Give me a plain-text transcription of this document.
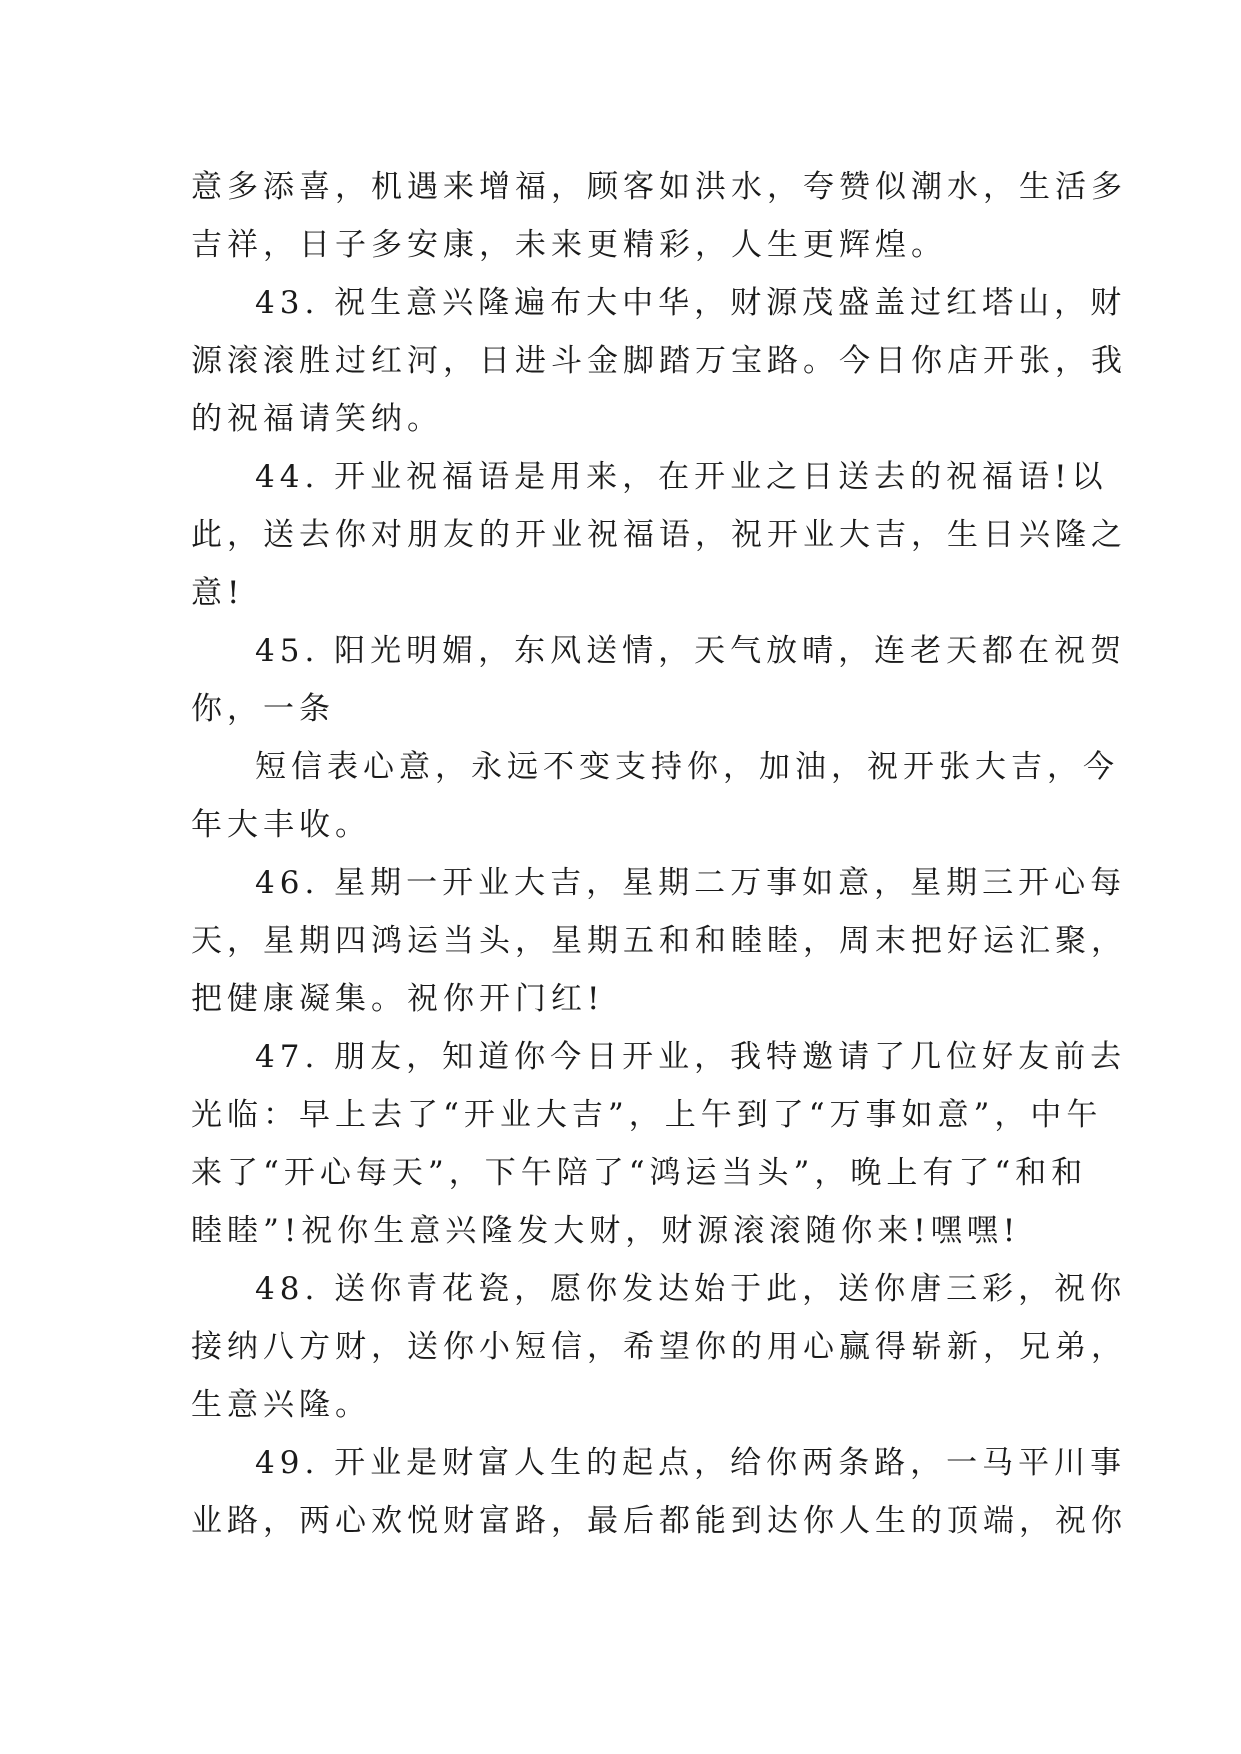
意多添喜，机遇来增福，顾客如洪水，夸赞似潮水，生活多
吉祥，日子多安康，未来更精彩，人生更辉煌。
43. 祝生意兴隆遍布大中华，财源茂盛盖过红塔山，财
源滚滚胜过红河，日进斗金脚踏万宝路。今日你店开张，我
的祝福请笑纳。
44. 开业祝福语是用来，在开业之日送去的祝福语!以
此，送去你对朋友的开业祝福语，祝开业大吉，生日兴隆之
意!
45. 阳光明媚，东风送情，天气放晴，连老天都在祝贺
你，一条
短信表心意，永远不变支持你，加油，祝开张大吉，今
年大丰收。
46. 星期一开业大吉，星期二万事如意，星期三开心每
天，星期四鸿运当头，星期五和和睦睦，周末把好运汇聚，
把健康凝集。祝你开门红!
47. 朋友，知道你今日开业，我特邀请了几位好友前去
光临：早上去了“开业大吉”，上午到了“万事如意”，中午
来了“开心每天”，下午陪了“鸿运当头”，晚上有了“和和
睦睦”!祝你生意兴隆发大财，财源滚滚随你来!嘿嘿!
48. 送你青花瓷，愿你发达始于此，送你唐三彩，祝你
接纳八方财，送你小短信，希望你的用心赢得崭新，兄弟，
生意兴隆。
49. 开业是财富人生的起点，给你两条路，一马平川事
业路，两心欢悦财富路，最后都能到达你人生的顶端，祝你
